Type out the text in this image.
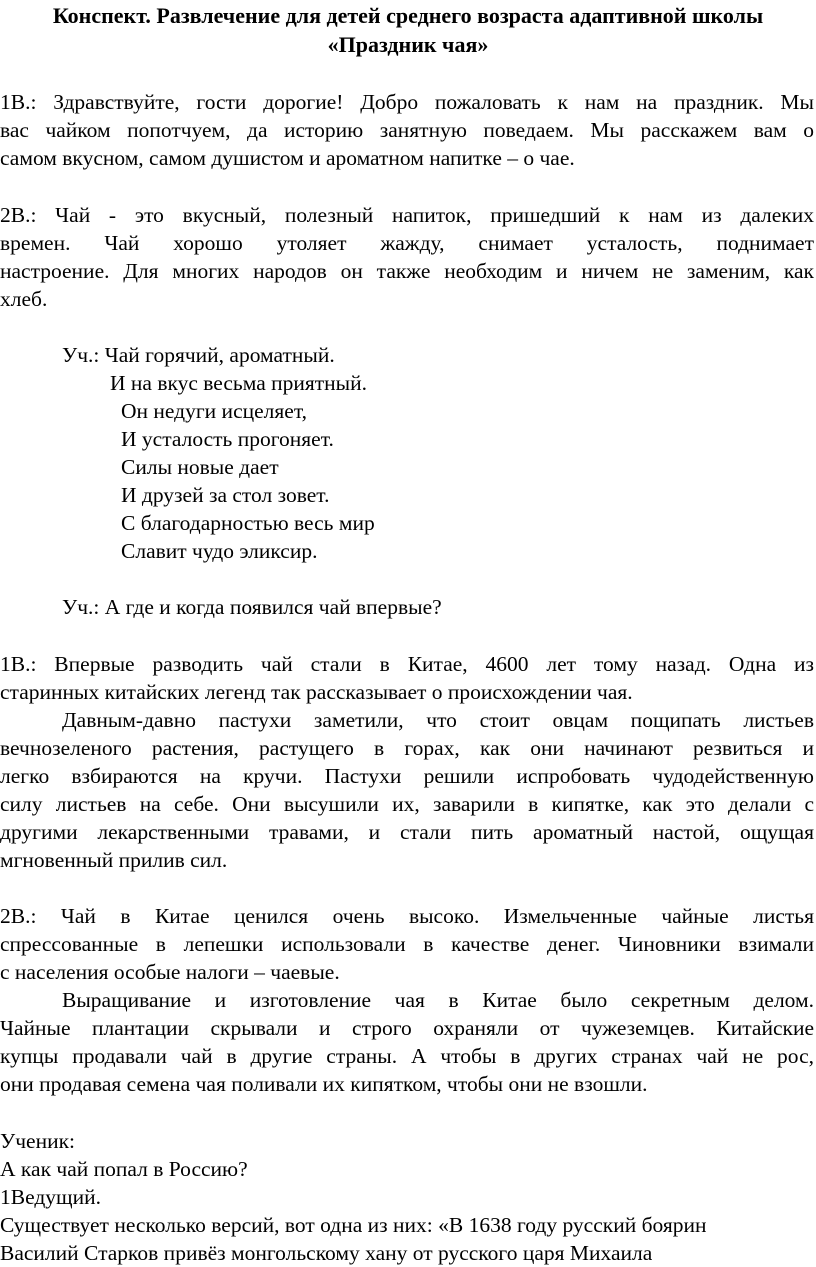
Конспект. Развлечение для детей среднего возраста адаптивной школы
«Праздник чая»
1В.: Здравствуйте, гости дорогие! Добро пожаловать к нам на праздник. Мы
вас чайком попотчуем, да историю занятную поведаем. Мы расскажем вам о
самом вкусном, самом душистом и ароматном напитке – о чае.
2В.: Чай - это вкусный, полезный напиток, пришедший к нам из далеких
времен. Чай хорошо утоляет жажду, снимает усталость, поднимает
настроение. Для многих народов он также необходим и ничем не заменим, как
хлеб.
Уч.: Чай горячий, ароматный.
И на вкус весьма приятный.
Он недуги исцеляет,
И усталость прогоняет.
Силы новые дает
И друзей за стол зовет.
С благодарностью весь мир
Славит чудо эликсир.
Уч.: А где и когда появился чай впервые?
1В.: Впервые разводить чай стали в Китае, 4600 лет тому назад. Одна из
старинных китайских легенд так рассказывает о происхождении чая.
Давным-давно пастухи заметили, что стоит овцам пощипать листьев
вечнозеленого растения, растущего в горах, как они начинают резвиться и
легко взбираются на кручи. Пастухи решили испробовать чудодейственную
силу листьев на себе. Они высушили их, заварили в кипятке, как это делали с
другими лекарственными травами, и стали пить ароматный настой, ощущая
мгновенный прилив сил.
2В.: Чай в Китае ценился очень высоко. Измельченные чайные листья
спрессованные в лепешки использовали в качестве денег. Чиновники взимали
с населения особые налоги – чаевые.
Выращивание и изготовление чая в Китае было секретным делом.
Чайные плантации скрывали и строго охраняли от чужеземцев. Китайские
купцы продавали чай в другие страны. А чтобы в других странах чай не рос,
они продавая семена чая поливали их кипятком, чтобы они не взошли.
Ученик:
А как чай попал в Россию?
1Ведущий.
Существует несколько версий, вот одна из них: «В 1638 году русский боярин
Василий Старков привёз монгольскому хану от русского царя Михаила
